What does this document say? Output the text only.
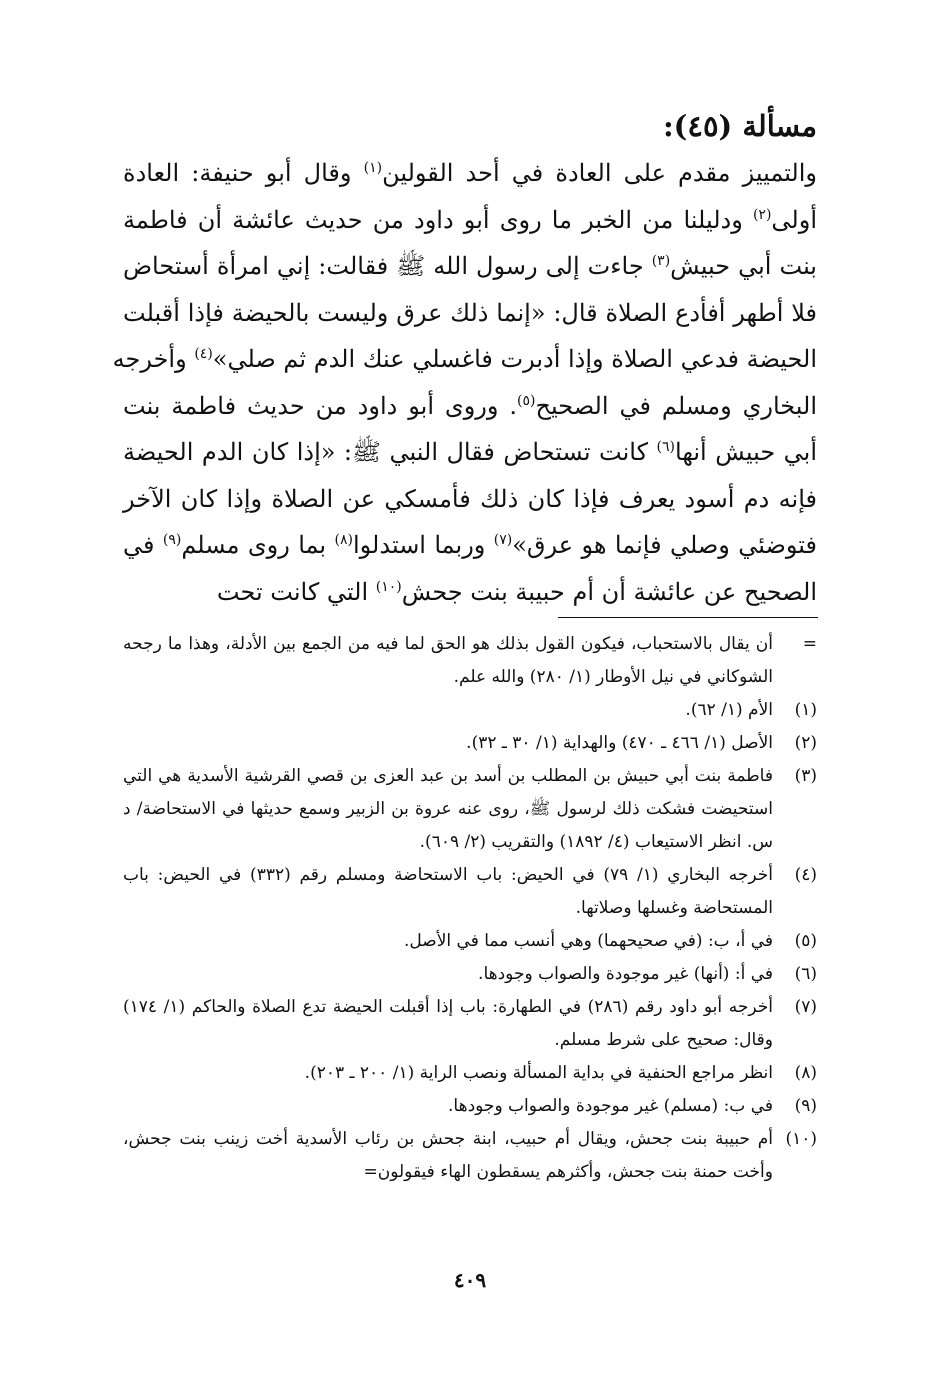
مسألة (٤٥):
والتمييز مقدم على العادة في أحد القولين$^{(١)}$ وقال أبو حنيفة: العادة
أولى$^{(٢)}$ ودليلنا من الخبر ما روى أبو داود من حديث عائشة أن فاطمة
بنت أبي حبيش$^{(٣)}$ جاءت إلى رسول الله ﷺ فقالت: إني امرأة أستحاض
فلا أطهر أفأدع الصلاة قال: «إنما ذلك عرق وليست بالحيضة فإذا أقبلت
الحيضة فدعي الصلاة وإذا أدبرت فاغسلي عنك الدم ثم صلي»$^{(٤)}$ وأخرجه
البخاري ومسلم في الصحيح$^{(٥)}$. وروى أبو داود من حديث فاطمة بنت
أبي حبيش أنها$^{(٦)}$ كانت تستحاض فقال النبي ﷺ: «إذا كان الدم الحيضة
فإنه دم أسود يعرف فإذا كان ذلك فأمسكي عن الصلاة وإذا كان الآخر
فتوضئي وصلي فإنما هو عرق»$^{(٧)}$ وربما استدلوا$^{(٨)}$ بما روى مسلم$^{(٩)}$ في
الصحيح عن عائشة أن أم حبيبة بنت جحش$^{(١٠)}$ التي كانت تحت
=
أن يقال بالاستحباب، فيكون القول بذلك هو الحق لما فيه من الجمع بين الأدلة، وهذا ما رجحه الشوكاني في نيل الأوطار (١/ ٢٨٠) والله علم.
(١)
الأم (١/ ٦٢).
(٢)
الأصل (١/ ٤٦٦ ـ ٤٧٠) والهداية (١/ ٣٠ ـ ٣٢).
(٣)
فاطمة بنت أبي حبيش بن المطلب بن أسد بن عبد العزى بن قصي القرشية الأسدية هي التي استحيضت فشكت ذلك لرسول ﷺ، روى عنه عروة بن الزبير وسمع حديثها في الاستحاضة/ د س. انظر الاستيعاب (٤/ ١٨٩٢) والتقريب (٢/ ٦٠٩).
(٤)
أخرجه البخاري (١/ ٧٩) في الحيض: باب الاستحاضة ومسلم رقم (٣٣٢) في الحيض: باب المستحاضة وغسلها وصلاتها.
(٥)
في أ، ب: (في صحيحهما) وهي أنسب مما في الأصل.
(٦)
في أ: (أنها) غير موجودة والصواب وجودها.
(٧)
أخرجه أبو داود رقم (٢٨٦) في الطهارة: باب إذا أقبلت الحيضة تدع الصلاة والحاكم (١/ ١٧٤) وقال: صحيح على شرط مسلم.
(٨)
انظر مراجع الحنفية في بداية المسألة ونصب الراية (١/ ٢٠٠ ـ ٢٠٣).
(٩)
في ب: (مسلم) غير موجودة والصواب وجودها.
(١٠)
أم حبيبة بنت جحش، ويقال أم حبيب، ابنة جحش بن رئاب الأسدية أخت زينب بنت جحش، وأخت حمنة بنت جحش، وأكثرهم يسقطون الهاء فيقولون=
٤٠٩
